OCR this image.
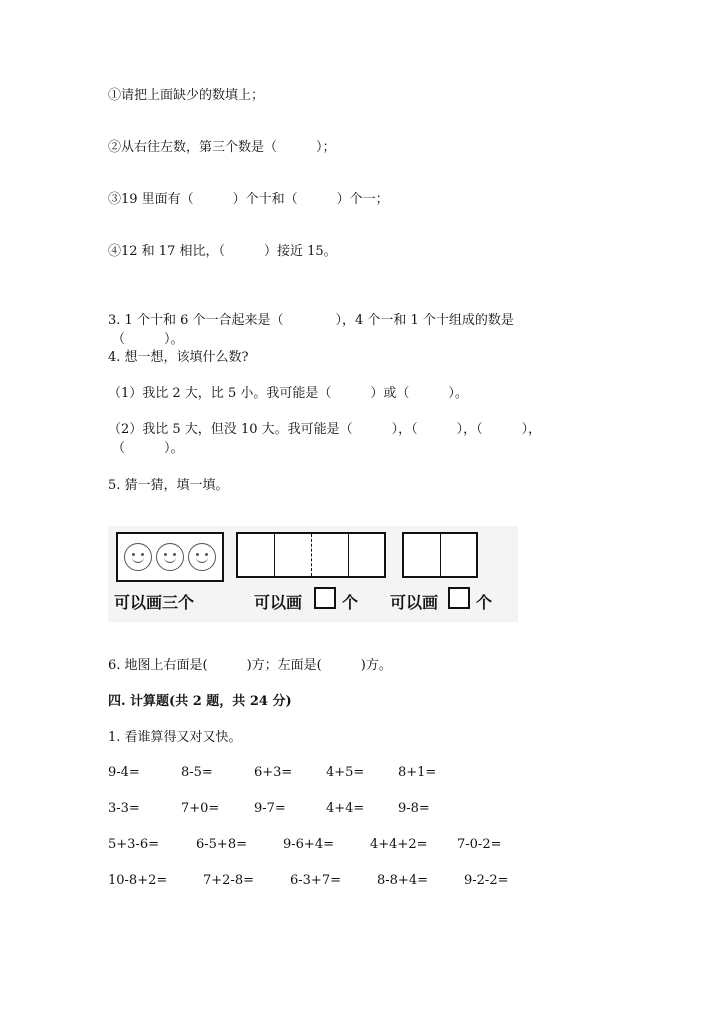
①请把上面缺少的数填上；
②从右往左数，第三个数是（　　　）；
③19 里面有（　　　）个十和（　　　）个一；
④12 和 17 相比，（　　　）接近 15。
3. 1 个十和 6 个一合起来是（　　　　），4 个一和 1 个十组成的数是
（　　　）。
4. 想一想，该填什么数?
（1）我比 2 大，比 5 小。我可能是（　　　）或（　　　）。
（2）我比 5 大，但没 10 大。我可能是（　　　），（　　　），（　　　），
（　　　）。
5. 猜一猜，填一填。
可以画三个	可以画 个 可以画 个
6. 地图上右面是(　　　)方；左面是(　　　)方。
四. 计算题(共 2 题，共 24 分)
1. 看谁算得又对又快。
9-4=	8-5=	6+3=	4+5=	8+1=
3-3=	7+0=	9-7=	4+4=	9-8=
5+3-6=	6-5+8=	9-6+4=	4+4+2= 7-0-2=
10-8+2=	7+2-8=	6-3+7=	8-8+4=	9-2-2=
